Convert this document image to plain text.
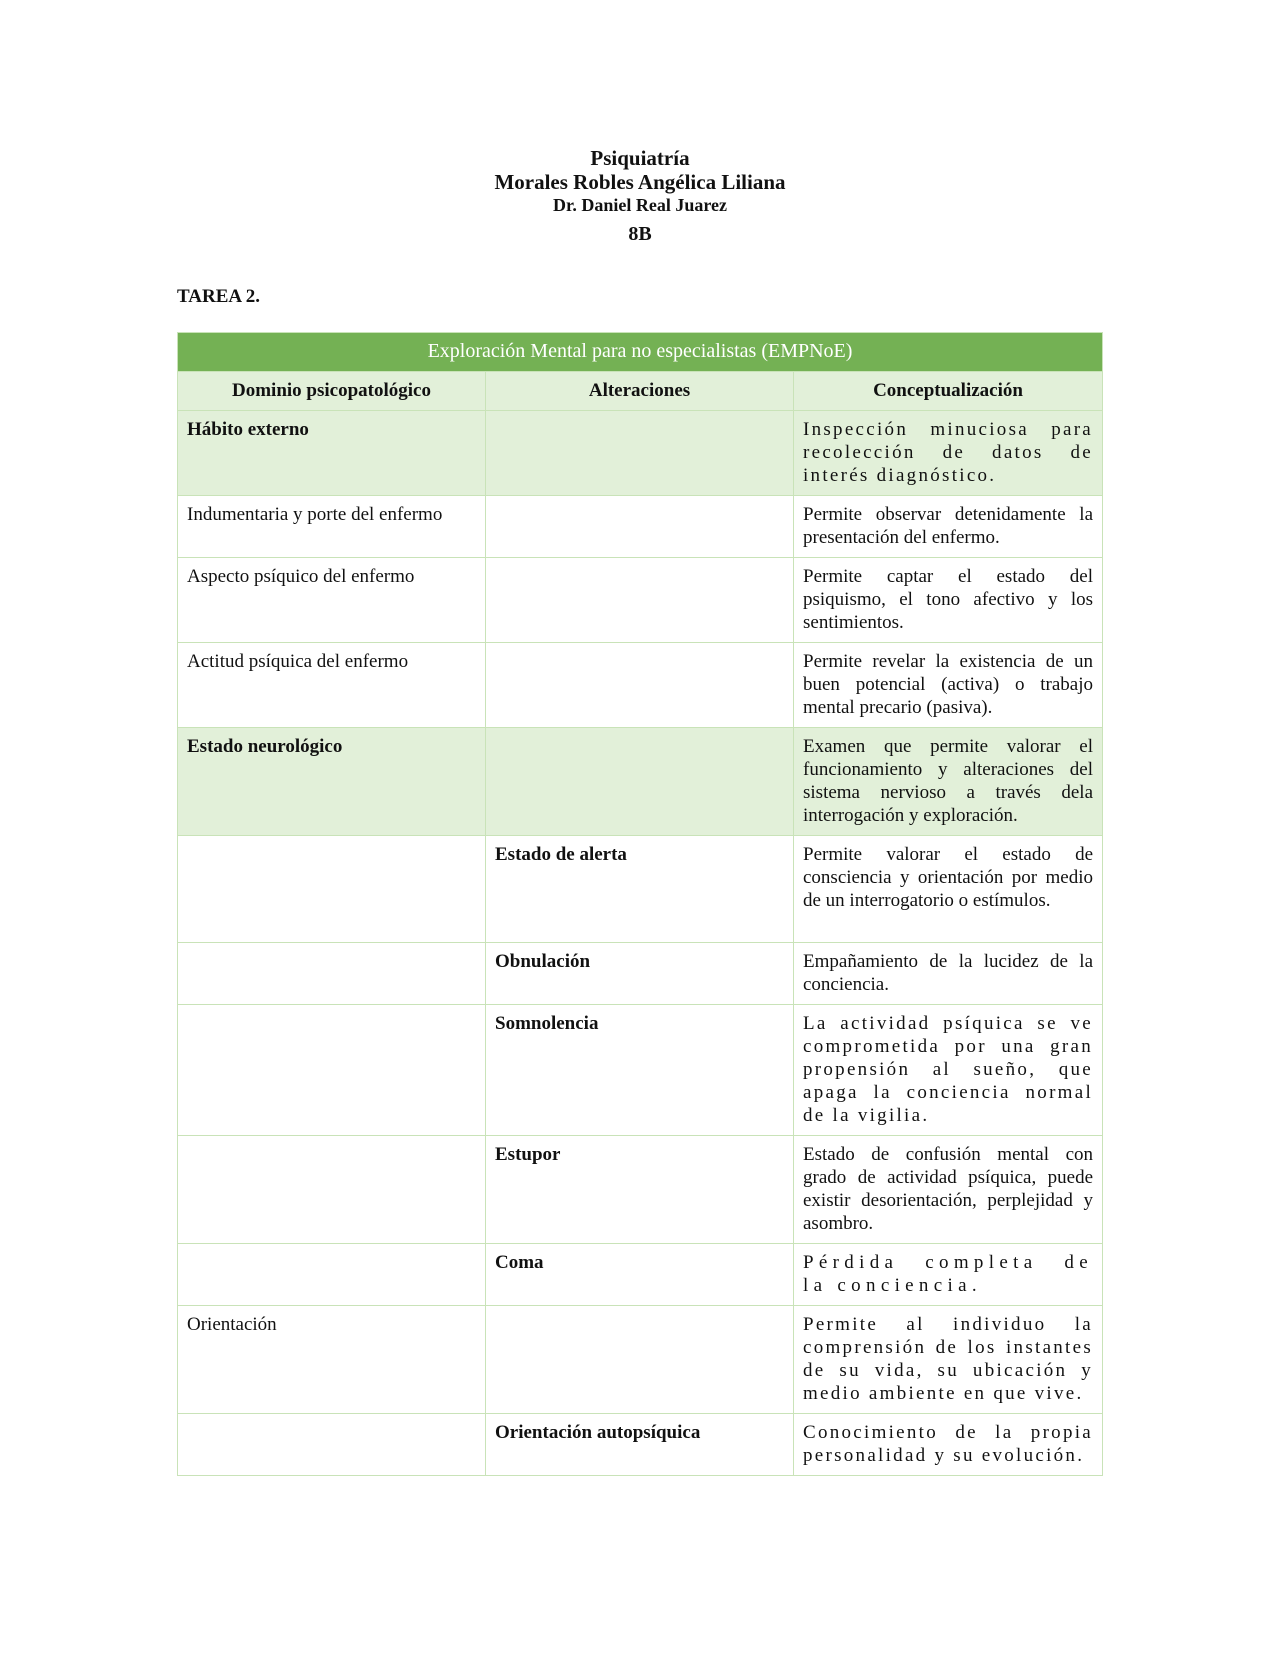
Psiquiatría
Morales Robles Angélica Liliana
Dr. Daniel Real Juarez
8B
TAREA 2.
Exploración Mental para no especialistas (EMPNoE)		
Dominio psicopatológico	Alteraciones	Conceptualización
Hábito externo		Inspección minuciosa para recolección de datos de interés diagnóstico.
Indumentaria y porte del enfermo		Permite observar detenidamente la presentación del enfermo.
Aspecto psíquico del enfermo		Permite captar el estado del psiquismo, el tono afectivo y los sentimientos.
Actitud psíquica del enfermo		Permite revelar la existencia de un buen potencial (activa) o trabajo mental precario (pasiva).
Estado neurológico		Examen que permite valorar el funcionamiento y alteraciones del sistema nervioso a través dela interrogación y exploración.
	Estado de alerta	Permite valorar el estado de consciencia y orientación por medio de un interrogatorio o estímulos.
	Obnulación	Empañamiento de la lucidez de la conciencia.
	Somnolencia	La actividad psíquica se ve comprometida por una gran propensión al sueño, que apaga la conciencia normal de la vigilia.
	Estupor	Estado de confusión mental con grado de actividad psíquica, puede existir desorientación, perplejidad y asombro.
	Coma	Pérdida completa de la conciencia.
Orientación		Permite al individuo la comprensión de los instantes de su vida, su ubicación y medio ambiente en que vive.
	Orientación autopsíquica	Conocimiento de la propia personalidad y su evolución.
